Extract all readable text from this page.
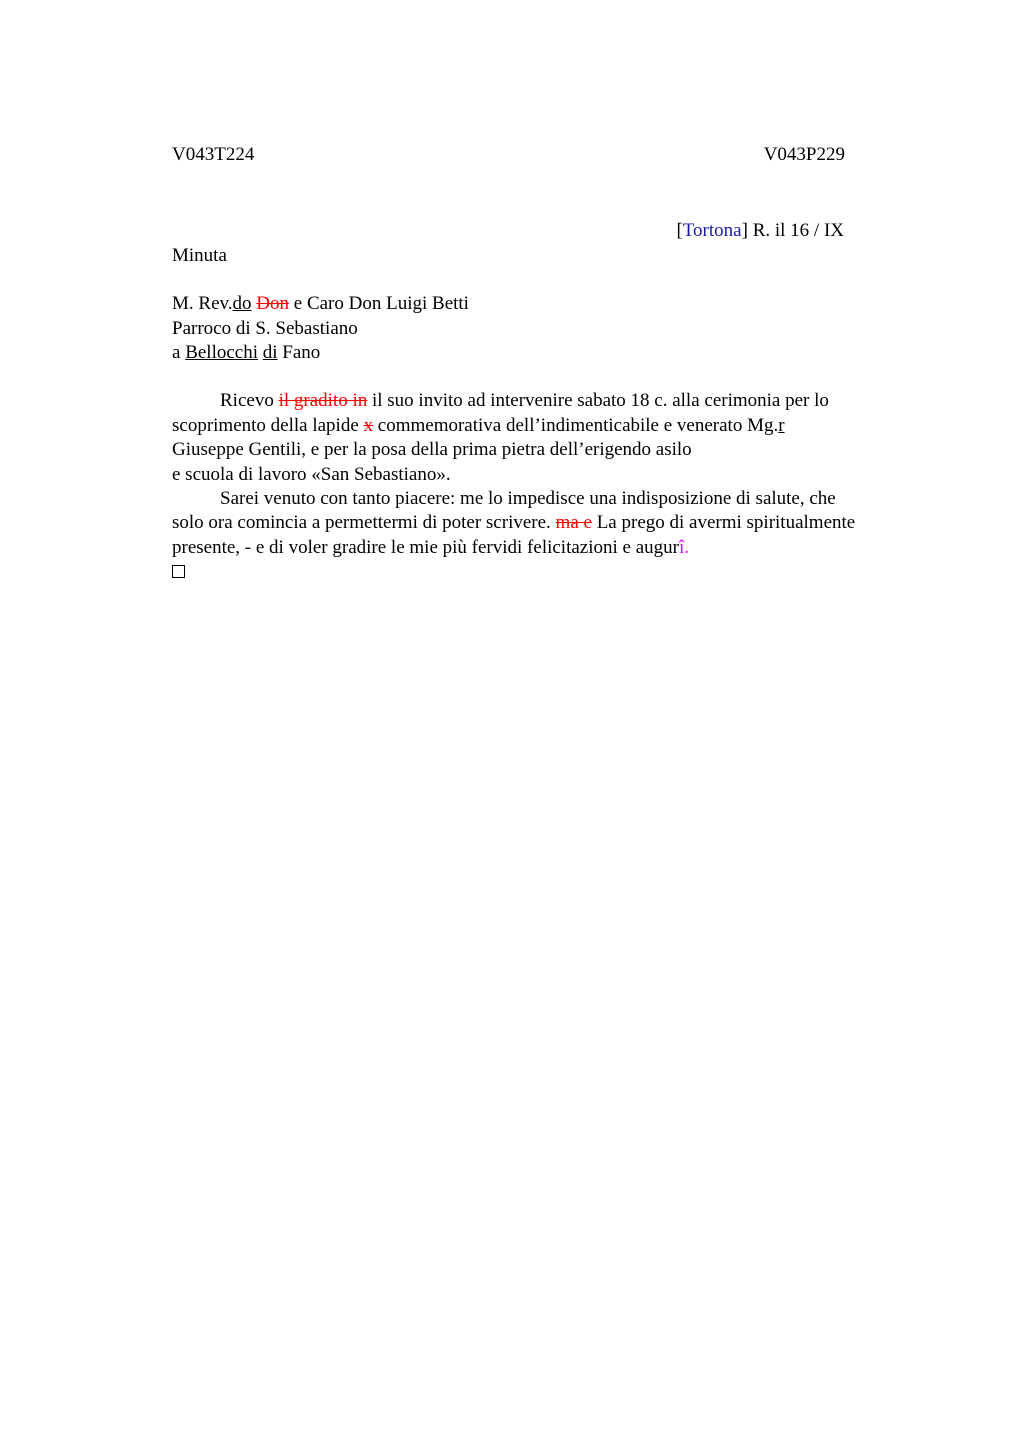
V043T224	V043P229
[Tortona] R. il 16 / IX
Minuta
M. Rev.do Don e Caro Don Luigi Betti
Parroco di S. Sebastiano
a Bellocchi di Fano
Ricevo il gradito in il suo invito ad intervenire sabato 18 c. alla cerimonia per lo scoprimento della lapide x commemorativa dell’indimenticabile e venerato Mg.r Giuseppe Gentili, e per la posa della prima pietra dell’erigendo asilo
e scuola di lavoro «San Sebastiano».
Sarei venuto con tanto piacere: me lo impedisce una indisposizione di salute, che solo ora comincia a permettermi di poter scrivere. ma e La prego di avermi spiritualmente presente, - e di voler gradire le mie più fervidi felicitazioni e augurî.
